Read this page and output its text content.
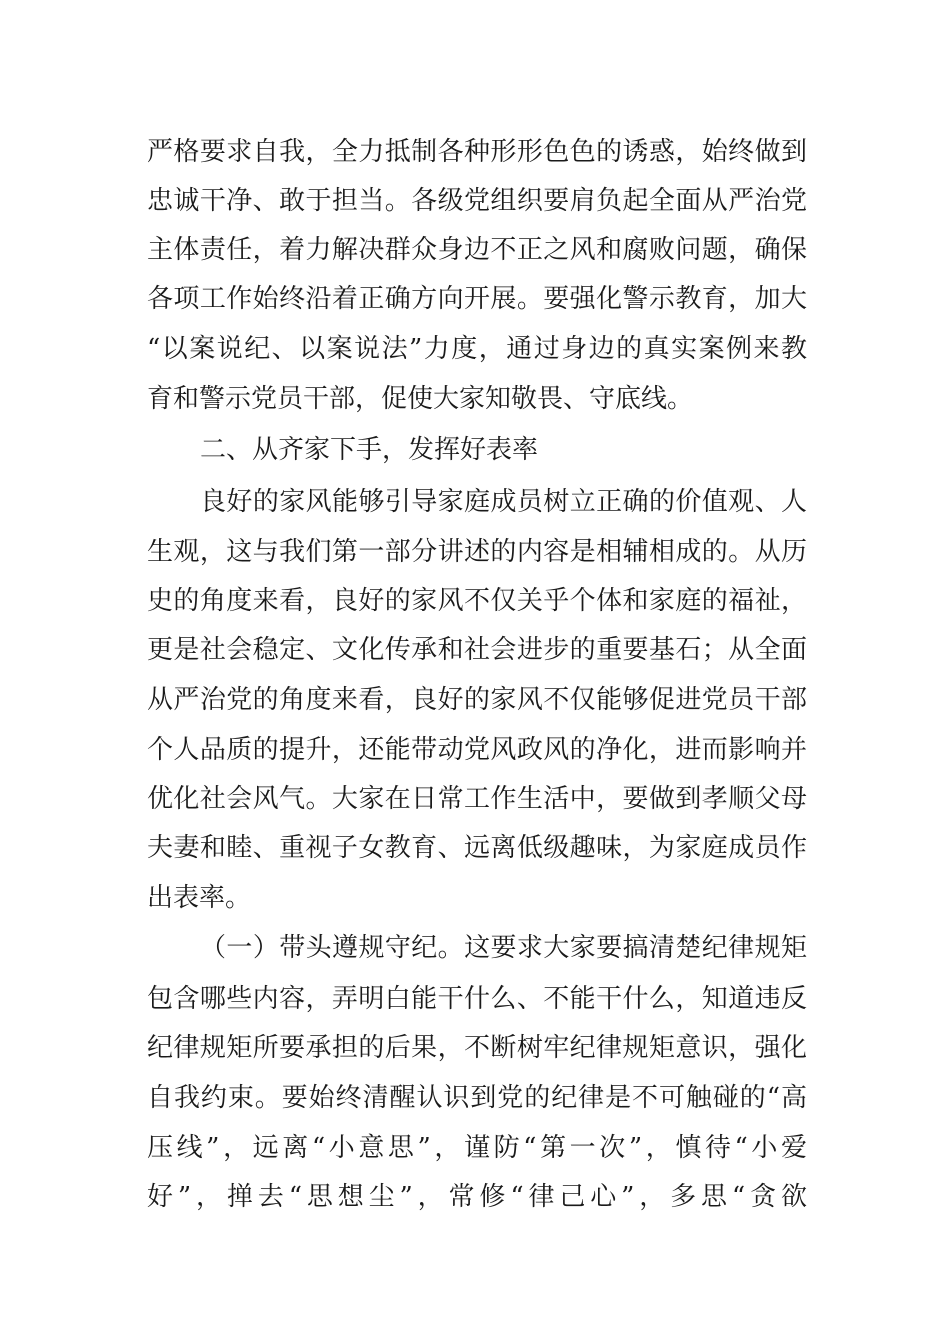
严格要求自我，全力抵制各种形形色色的诱惑，始终做到
忠诚干净、敢于担当。各级党组织要肩负起全面从严治党
主体责任，着力解决群众身边不正之风和腐败问题，确保
各项工作始终沿着正确方向开展。要强化警示教育，加大
“以案说纪、以案说法”力度，通过身边的真实案例来教
育和警示党员干部，促使大家知敬畏、守底线。
二、从齐家下手，发挥好表率
良好的家风能够引导家庭成员树立正确的价值观、人
生观，这与我们第一部分讲述的内容是相辅相成的。从历
史的角度来看，良好的家风不仅关乎个体和家庭的福祉，
更是社会稳定、文化传承和社会进步的重要基石；从全面
从严治党的角度来看，良好的家风不仅能够促进党员干部
个人品质的提升，还能带动党风政风的净化，进而影响并
优化社会风气。大家在日常工作生活中，要做到孝顺父母
夫妻和睦、重视子女教育、远离低级趣味，为家庭成员作
出表率。
（一）带头遵规守纪。这要求大家要搞清楚纪律规矩
包含哪些内容，弄明白能干什么、不能干什么，知道违反
纪律规矩所要承担的后果，不断树牢纪律规矩意识，强化
自我约束。要始终清醒认识到党的纪律是不可触碰的“高
压线”，远离“小意思”，谨防“第一次”，慎待“小爱
好”，掸去“思想尘”，常修“律己心”，多思“贪欲
